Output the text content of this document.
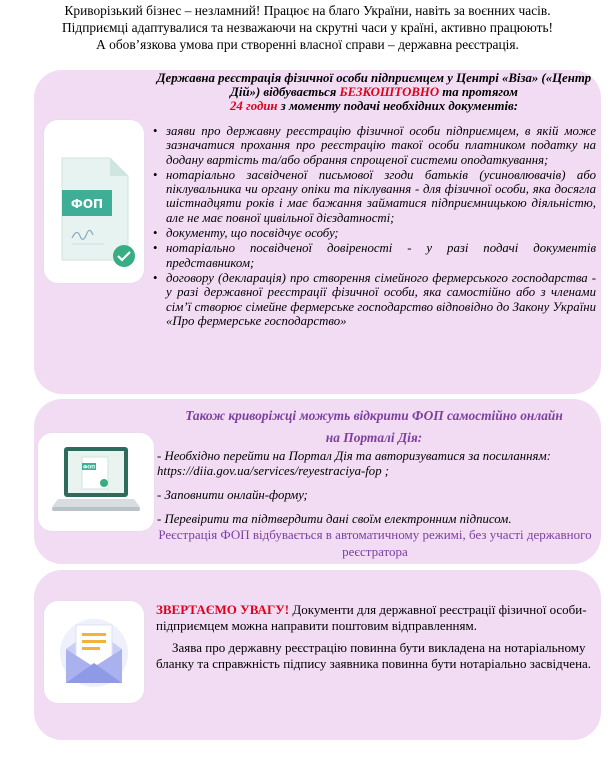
Криворізький бізнес – незламний! Працює на благо України, навіть за воєнних часів.
Підприємці адаптувалися та незважаючи на скрутні часи у країні, активно працюють!
А обов’язкова умова при створенні власної справи – державна реєстрація.
ФОП
Державна реєстрація фізичної особи підприємцем у Центрі «Віза» («Центр Дій») відбувається БЕЗКОШТОВНО та протягом
24 годин з моменту подачі необхідних документів:
• заяви про державну реєстрацію фізичної особи підприємцем, в якій може зазначатися прохання про реєстрацію такої особи платником податку на додану вартість та/або обрання спрощеної системи оподаткування;
• нотаріально засвідченої письмової згоди батьків (усиновлювачів) або піклувальника чи органу опіки та піклування - для фізичної особи, яка досягла шістнадцяти років і має бажання займатися підприємницькою діяльністю, але не має повної цивільної дієздатності;
• документу, що посвідчує особу;
• нотаріально посвідченої довіреності - у разі подачі документів представником;
• договору (декларація) про створення сімейного фермерського господарства - у разі державної реєстрації фізичної особи, яка самостійно або з членами сім’ї створює сімейне фермерське господарство відповідно до Закону України «Про фермерське господарство»
ФОП
Також криворіжці можуть відкрити ФОП самостійно онлайн
на Порталі Дія:

- Необхідно перейти на Портал Дія та авторизуватися за посиланням: https://diia.gov.ua/services/reyestraciya-fop ;

- Заповнити онлайн-форму;

- Перевірити та підтвердити дані своїм електронним підписом.

Реєстрація ФОП відбувається в автоматичному режимі, без участі державного реєстратора

ЗВЕРТАЄМО УВАГУ! Документи для державної реєстрації фізичної особи-підприємцем можна направити поштовим відправленням.

Заява про державну реєстрацію повинна бути викладена на нотаріальному бланку та справжність підпису заявника повинна бути нотаріально засвідчена.
